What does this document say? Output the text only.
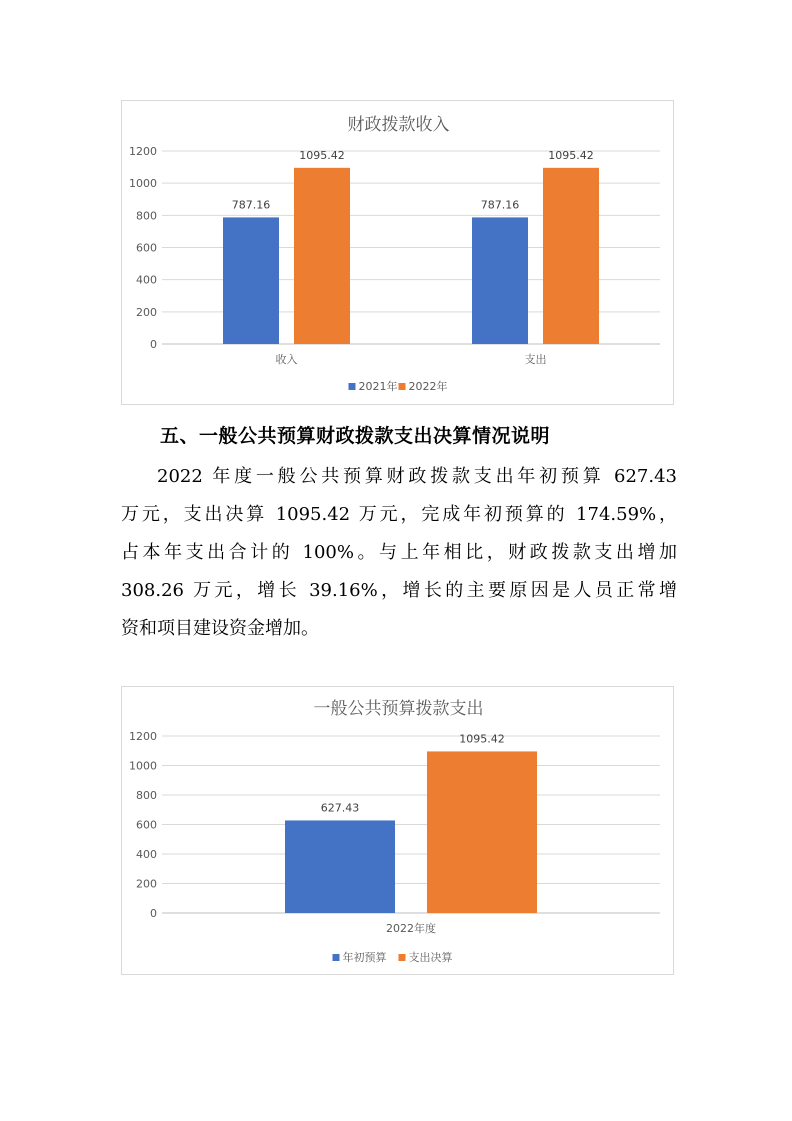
财政拨款收入
0
200
400
600
800
1000
1200
787.16
1095.42
收入
787.16
1095.42
支出
2021年 2022年
五、一般公共预算财政拨款支出决算情况说明
2022 年度一般公共预算财政拨款支出年初预算 627.43
万元，支出决算 1095.42 万元，完成年初预算的 174.59%，
占本年支出合计的 100%。与上年相比，财政拨款支出增加
308.26 万元，增长 39.16%，增长的主要原因是人员正常增
资和项目建设资金增加。
一般公共预算拨款支出
0
200
400
600
800
1000
1200
627.43
1095.42
2022年度
年初预算 支出决算
